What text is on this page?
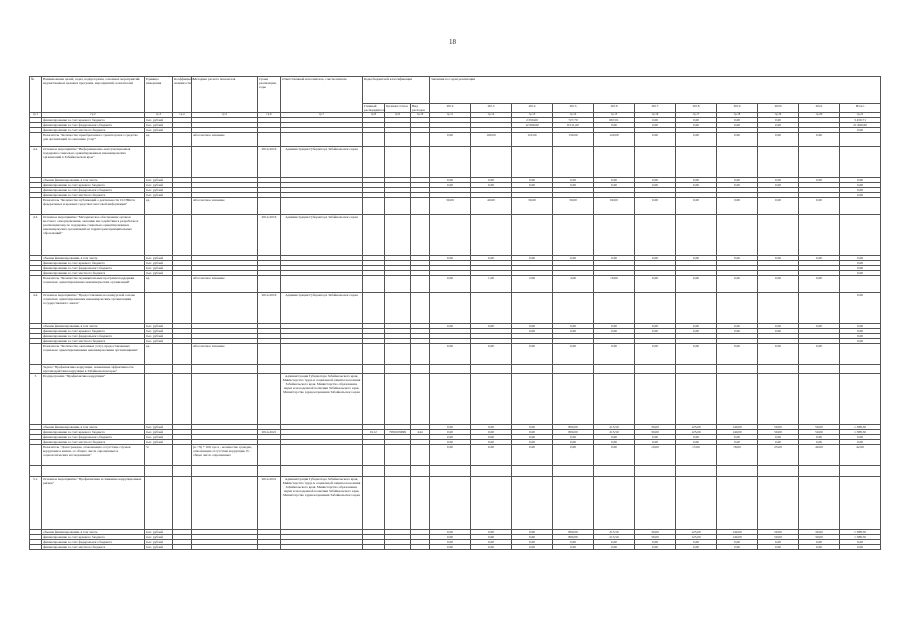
18
№	Наименование целей, задач, подпрограмм, основных мероприятий, ведомственных целевых программ, мероприятий, показателей	Единица измерения	Коэффициент значимости	Методика расчета показателя	Сроки реализации, годы	Ответственный исполнитель, соисполнитель	Коды бюджетной классификации			Значения по годам реализации										
							Главный распорядитель	Целевая статья	Вид расходов	2012	2013	2014	2015	2016	2017	2018	2019	2020	2021	Итого
гр.1	гр.2	гр.3	гр.4	гр.5	гр.6	гр.7	гр.8	гр.9	гр.10	гр.11	гр.12	гр.13	гр.14	гр.15	гр.16	гр.17	гр.18	гр.19	гр.20	гр.21
	финансирование за счет краевого бюджета	тыс. рублей										2 056,00	727,70	667,01	0,00	0,00	0,00	0,00		3 450,71
	финансирование за счет федерального бюджета	тыс. рублей										12 699,60	8 011,00	0,00	0,00	0,00	0,00	0,00		21 660,60
	финансирование за счет местного бюджета	тыс. рублей																		0,00
	Показатель "Количество приобретенного транспортного средства для организаций по оказанию услуг"	ед.		Абсолютное значение						0,00	100,00	110,00	130,00	120,00	0,00	0,00	0,00	0,00	0,00	
4.2.	Основное мероприятие "Информационно-консультационная поддержка социально ориентированных некоммерческих организаций в Забайкальском крае"				2014-2016	Администрация Губернатора Забайкальского края														
	объемы финансирования, в том числе	тыс. рублей								0,00	0,00	0,00	0,00	0,00	0,00	0,00	0,00	0,00	0,00	0,00
	финансирование за счет краевого бюджета	тыс. рублей								0,00	0,00	0,00	0,00	0,00	0,00	0,00	0,00	0,00		0,00
	финансирование за счет федерального бюджета	тыс. рублей																		0,00
	финансирование за счет местного бюджета	тыс. рублей																		0,00
	Показатель "Количество публикаций о деятельности СО НКО в федеральных и краевых средствах массовой информации"	ед.		Абсолютное значение						30,00	40,00	30,00	30,00	60,00	0,00	0,00	0,00	0,00	0,00	
4.3.	Основное мероприятие "Методическое обеспечение органов местного самоуправления, оказание им содействия в разработке и реализации мер по поддержке социально ориентированных некоммерческих организаций на территории муниципальных образований"				2014-2016	Администрация Губернатора Забайкальского края														
	объемы финансирования, в том числе	тыс. рублей								0,00	0,00	0,00	0,00	0,00	0,00	0,00	0,00	0,00	0,00	0,00
	финансирование за счет краевого бюджета	тыс. рублей																		0,00
	финансирование за счет федерального бюджета	тыс. рублей																		0,00
	финансирование за счет местного бюджета	тыс. рублей																		0,00
	Показатель "Количество муниципальных программ поддержки социально ориентированных некоммерческих организаций"	ед.		Абсолютное значение						0,00	1,00	2,00	4,00	10,00	0,00	0,00	0,00	0,00	0,00	
4.4.	Основное мероприятие "Предоставление на конкурсной основе социально ориентированным некоммерческим организациям государственного заказа"				2014-2016	Администрация Губернатора Забайкальского края														0,00
	объемы финансирования, в том числе	тыс. рублей								0,00	0,00	0,00	0,00	0,00	0,00	0,00	0,00	0,00	0,00	0,00
	финансирование за счет краевого бюджета	тыс. рублей										0,00	0,00	0,00	0,00	0,00	0,00	0,00		0,00
	финансирование за счет федерального бюджета	тыс. рублей																		0,00
	финансирование за счет местного бюджета	тыс. рублей																		0,00
	Показатель "Количество оказанных услуг, предоставленных социально ориентированными некоммерческими организациями"	ед.		Абсолютное значение						0,00	0,00	0,00	0,00	0,00	0,00	0,00	0,00	0,00	0,00	
	Задача "Профилактика коррупции, повышение эффективности противодействия коррупции в Забайкальском крае"																			
5	Подпрограмма "Профилактика коррупции"					Администрация Губернатора Забайкальского края, Министерство труда и социальной защиты населения Забайкальского края, Министерство образования, науки и молодежной политики Забайкальского края, Министерство здравоохранения Забайкальского края														
	объемы финансирования, в том числе	тыс. рублей								0,00	0,00	0,00	800,00	213,50	30,00	125,00	140,00	50,00	50,00	1 388,50
	финансирование за счет краевого бюджета	тыс. рублей			2014-2021		0112	7950109999	244	0,00	0,00	0,00	800,00	213,50	30,00	125,00	140,00	50,00	50,00	1 388,50
	финансирование за счет федерального бюджета	тыс. рублей								0,00	0,00	0,00	0,00	0,00	0,00	0,00	0,00	0,00	0,00	0,00
	финансирование за счет местного бюджета	тыс. рублей								0,00	0,00	0,00	0,00	0,00	0,00	0,00	0,00	0,00	0,00	0,00
	Показатель "Доля граждан, отмечающих отсутствие случаев коррупции в жизни, от общего числа опрошенных в социологических исследованиях"	%		(n / N) * 100, где n - количество граждан, отмечающих отсутствие коррупции, N - общее число опрошенных						0,00	0,00	0,00	0,00	0,00	10,00	15,00	18,00	25,00	40,00	42,00

5.1.	Основное мероприятие "Профилактика и снижение коррупционных рисков"				2014-2021	Администрация Губернатора Забайкальского края, Министерство труда и социальной защиты населения Забайкальского края, Министерство образования, науки и молодежной политики Забайкальского края, Министерство здравоохранения Забайкальского края														
	объемы финансирования, в том числе	тыс. рублей								0,00	0,00	0,00	800,00	213,50	30,00	125,00	140,00	50,00	30,00	1 388,50
	финансирование за счет краевого бюджета	тыс. рублей								0,00	0,00	0,00	800,00	213,50	30,00	125,00	140,00	50,00	30,00	1 388,50
	финансирование за счет федерального бюджета	тыс. рублей								0,00	0,00	0,00	0,00	0,00	0,00	0,00	0,00	0,00	0,00	0,00
	финансирование за счет местного бюджета	тыс. рублей								0,00	0,00	0,00	0,00	0,00	0,00	0,00	0,00	0,00	0,00	0,00
